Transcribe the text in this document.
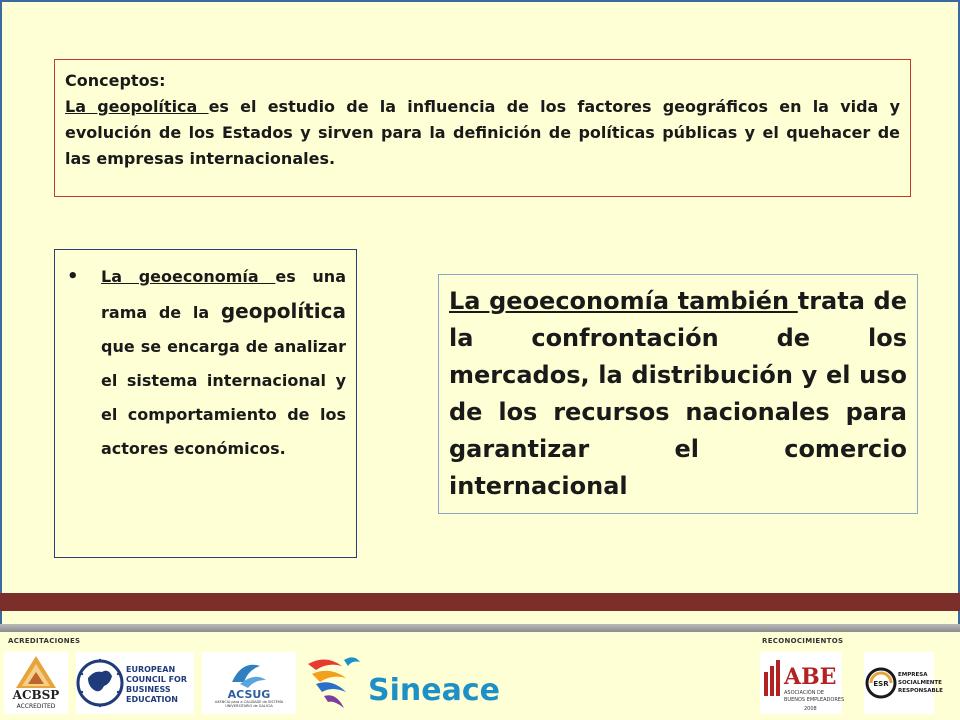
Conceptos:
La geopolítica es el estudio de la influencia de los factores geográficos en la vida y evolución de los Estados y sirven para la definición de políticas públicas y el quehacer de las empresas internacionales.
• La geoeconomía es una rama de la geopolítica que se encarga de analizar el sistema internacional y el comportamiento de los actores económicos.
La geoeconomía también trata de la confrontación de los mercados, la distribución y el uso de los recursos nacionales para garantizar el comercio internacional
ACREDITACIONES	RECONOCIMIENTOS
ACBSP
ACCREDITED
EUROPEAN
COUNCIL FOR
BUSINESS
EDUCATION	ACSUG
AXENCIA para a CALIDADE do SISTEMA UNIVERSITARIO de GALICIA	Sineace	ABE
ASOCIACIÓN DE
BUENOS EMPLEADORES
2008
ESR
EMPRESA
SOCIALMENTE
RESPONSABLE
